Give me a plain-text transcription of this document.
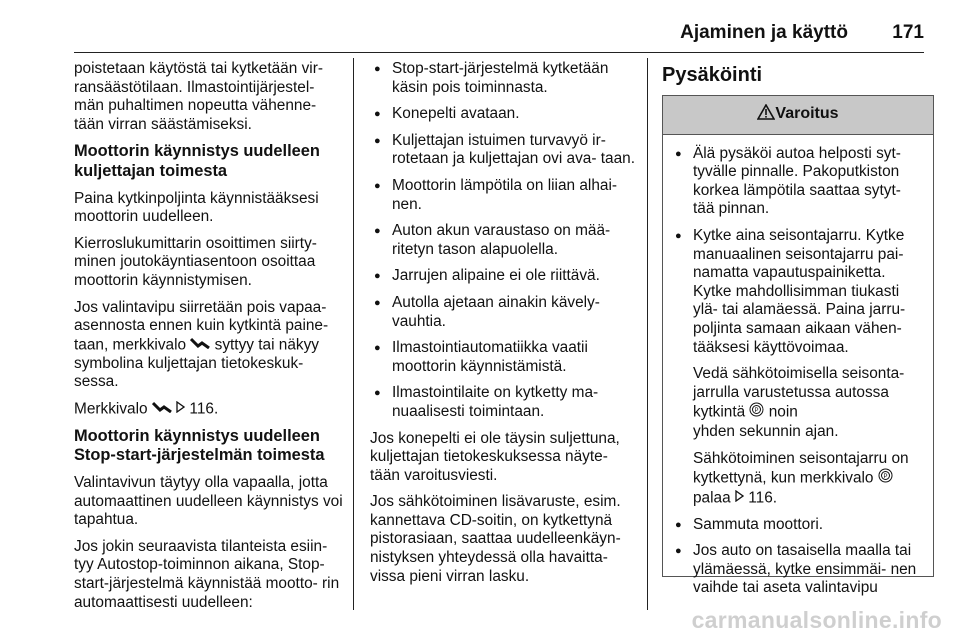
Ajaminen ja käyttö 171

poistetaan käytöstä tai kytketään vir- ransäästötilaan. Ilmastointijärjestel- män puhaltimen nopeutta vähenne- tään virran säästämiseksi.

Moottorin käynnistys uudelleen kuljettajan toimesta

Paina kytkinpoljinta käynnistääksesi moottorin uudelleen.

Kierroslukumittarin osoittimen siirty- minen joutokäyntiasentoon osoittaa moottorin käynnistymisen.

Jos valintavipu siirretään pois vapaa- asennosta ennen kuin kytkintä paine- taan, merkkivalo syttyy tai näkyy symbolina kuljettajan tietokeskuk- sessa.

Merkkivalo	116.

Moottorin käynnistys uudelleen Stop-start-järjestelmän toimesta

Valintavivun täytyy olla vapaalla, jotta automaattinen uudelleen käynnistys voi tapahtua.

Jos jokin seuraavista tilanteista esiin- tyy Autostop-toiminnon aikana, Stop- start-järjestelmä käynnistää mootto- rin automaattisesti uudelleen:

● Stop-start-järjestelmä kytketään käsin pois toiminnasta.
● Konepelti avataan.
● Kuljettajan istuimen turvavyö ir- rotetaan ja kuljettajan ovi ava- taan.
● Moottorin lämpötila on liian alhai- nen.
● Auton akun varaustaso on mää- ritetyn tason alapuolella.
● Jarrujen alipaine ei ole riittävä.
● Autolla ajetaan ainakin kävely- vauhtia.
● Ilmastointiautomatiikka vaatii moottorin käynnistämistä.
● Ilmastointilaite on kytketty ma- nuaalisesti toimintaan.

Jos konepelti ei ole täysin suljettuna, kuljettajan tietokeskuksessa näyte- tään varoitusviesti.

Jos sähkötoiminen lisävaruste, esim. kannettava CD-soitin, on kytkettynä pistorasiaan, saattaa uudelleenkäyn- nistyksen yhteydessä olla havaitta- vissa pieni virran lasku.

Pysäköinti
Varoitus
● Älä pysäköi autoa helposti syt- tyvälle pinnalle. Pakoputkiston korkea lämpötila saattaa sytyt- tää pinnan.
● Kytke aina seisontajarru. Kytke manuaalinen seisontajarru pai- namatta vapautuspainiketta. Kytke mahdollisimman tiukasti ylä- tai alamäessä. Paina jarru- poljinta samaan aikaan vähen- tääksesi käyttövoimaa.
Vedä sähkötoimisella seisonta- jarrulla varustetussa autossa kytkintä P noin
yhden sekunnin ajan.
Sähkötoiminen seisontajarru on kytkettynä, kun merkkivalo P
palaa 116.
● Sammuta moottori.
● Jos auto on tasaisella maalla tai ylämäessä, kytke ensimmäi- nen vaihde tai aseta valintavipu
carmanualsonline.info
